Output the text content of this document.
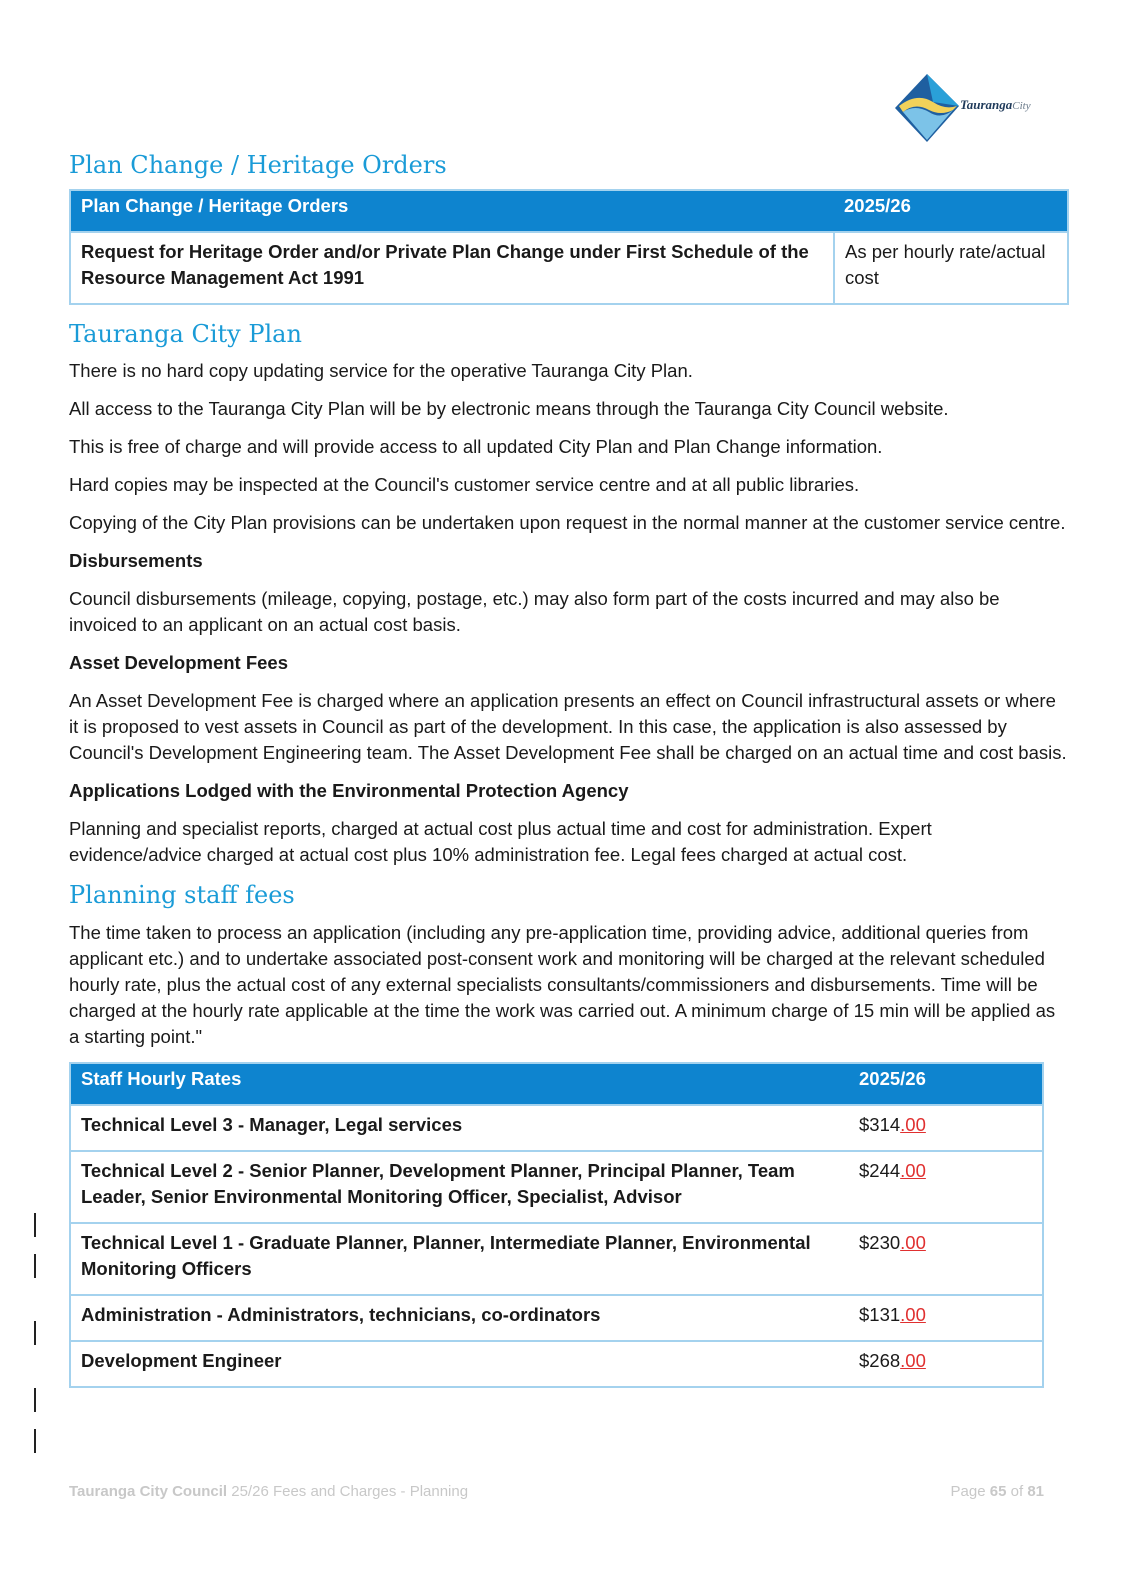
TaurangaCity
Plan Change / Heritage Orders
Plan Change / Heritage Orders	2025/26
Request for Heritage Order and/or Private Plan Change under First Schedule of the Resource Management Act 1991	As per hourly rate/actual cost
Tauranga City Plan

There is no hard copy updating service for the operative Tauranga City Plan.

All access to the Tauranga City Plan will be by electronic means through the Tauranga City Council website.

This is free of charge and will provide access to all updated City Plan and Plan Change information.

Hard copies may be inspected at the Council's customer service centre and at all public libraries.

Copying of the City Plan provisions can be undertaken upon request in the normal manner at the customer service centre.

Disbursements

Council disbursements (mileage, copying, postage, etc.) may also form part of the costs incurred and may also be invoiced to an applicant on an actual cost basis.

Asset Development Fees

An Asset Development Fee is charged where an application presents an effect on Council infrastructural assets or where it is proposed to vest assets in Council as part of the development. In this case, the application is also assessed by Council's Development Engineering team. The Asset Development Fee shall be charged on an actual time and cost basis.

Applications Lodged with the Environmental Protection Agency

Planning and specialist reports, charged at actual cost plus actual time and cost for administration. Expert evidence/advice charged at actual cost plus 10% administration fee. Legal fees charged at actual cost.

Planning staff fees

The time taken to process an application (including any pre-application time, providing advice, additional queries from applicant etc.) and to undertake associated post-consent work and monitoring will be charged at the relevant scheduled hourly rate, plus the actual cost of any external specialists consultants/commissioners and disbursements. Time will be charged at the hourly rate applicable at the time the work was carried out. A minimum charge of 15 min will be applied as a starting point."

Staff Hourly Rates	2025/26
Technical Level 3 - Manager, Legal services	$314.00
Technical Level 2 - Senior Planner, Development Planner, Principal Planner, Team Leader, Senior Environmental Monitoring Officer, Specialist, Advisor	$244.00
Technical Level 1 - Graduate Planner, Planner, Intermediate Planner, Environmental Monitoring Officers	$230.00
Administration - Administrators, technicians, co-ordinators	$131.00
Development Engineer	$268.00
Tauranga City Council 25/26 Fees and Charges - Planning	Page 65 of 81
